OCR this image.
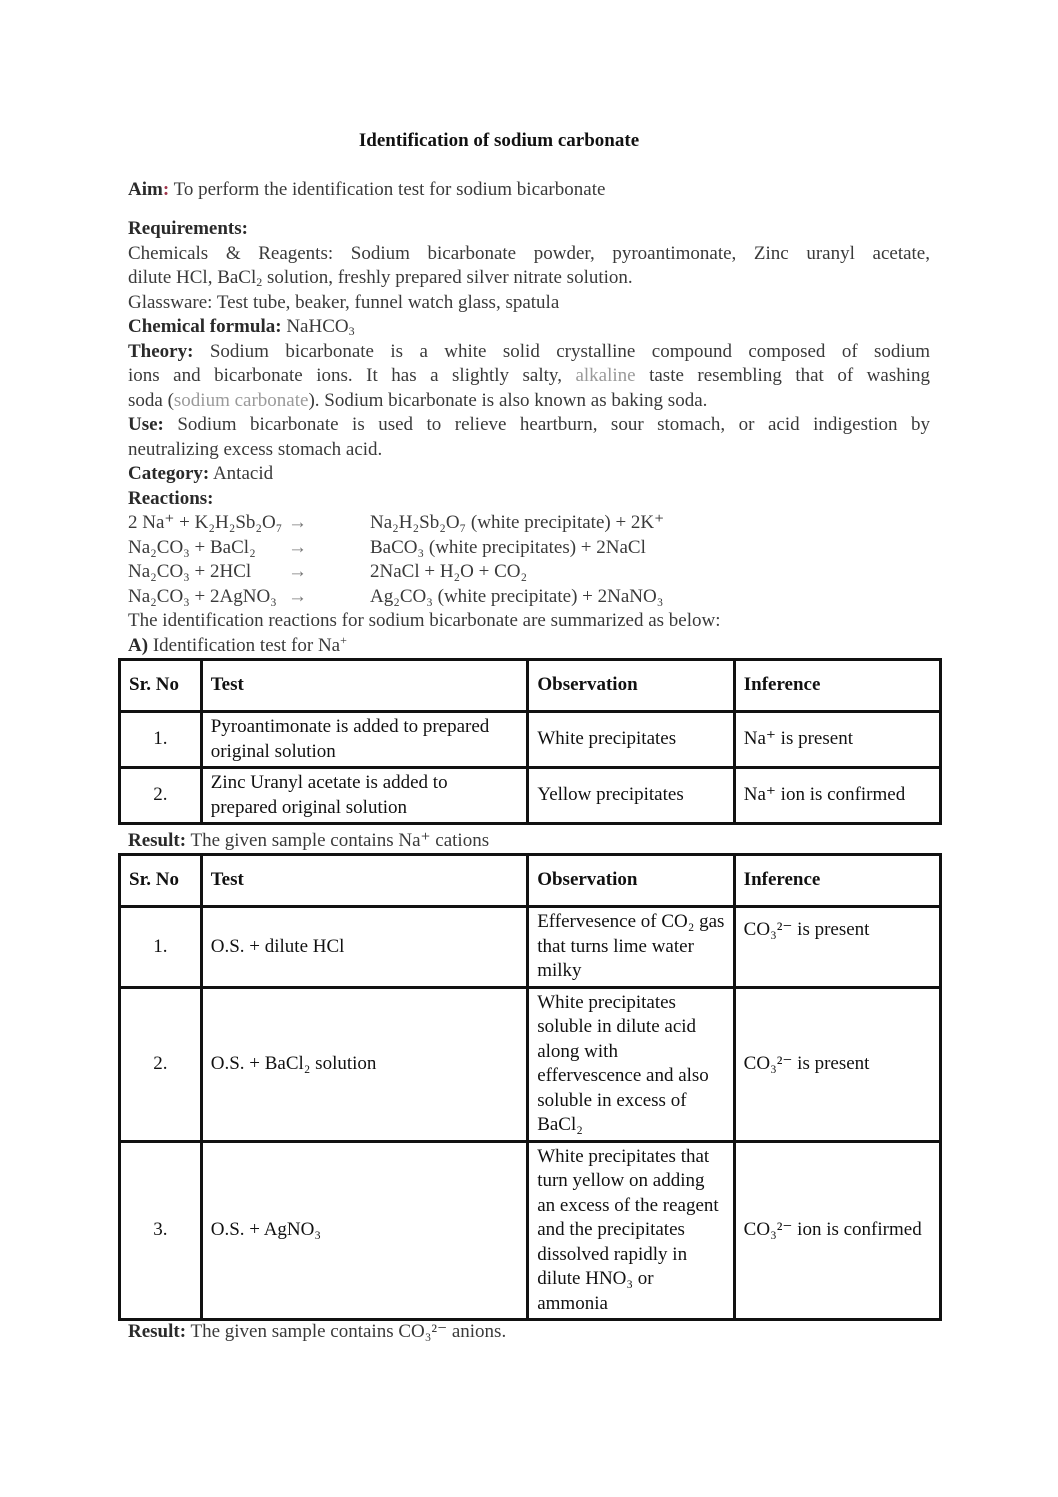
Identification of sodium carbonate
Aim: To perform the identification test for sodium bicarbonate
Requirements:
Chemicals & Reagents: Sodium bicarbonate powder, pyroantimonate, Zinc uranyl acetate,
dilute HCl, BaCl$_2$ solution, freshly prepared silver nitrate solution.
Glassware: Test tube, beaker, funnel watch glass, spatula
Chemical formula: NaHCO$_3$
Theory: Sodium bicarbonate is a white solid crystalline compound composed of sodium
ions and bicarbonate ions. It has a slightly salty, alkaline taste resembling that of washing
soda (sodium carbonate). Sodium bicarbonate is also known as baking soda.
Use: Sodium bicarbonate is used to relieve heartburn, sour stomach, or acid indigestion by
neutralizing excess stomach acid.
Category: Antacid
Reactions:
2 Na⁺ + K₂H₂Sb₂O₇ →	Na₂H₂Sb₂O₇ (white precipitate) + 2K⁺
Na₂CO₃ + BaCl₂	→	BaCO₃ (white precipitates) + 2NaCl
Na₂CO₃ + 2HCl	→	2NaCl + H₂O + CO₂
Na₂CO₃ + 2AgNO₃ →	Ag₂CO₃ (white precipitate) + 2NaNO₃
The identification reactions for sodium bicarbonate are summarized as below:
A) Identification test for Na+
Sr. No	Test	Observation	Inference
1.	Pyroantimonate is added to prepared original solution	White precipitates	Na⁺ is present
2.	Zinc Uranyl acetate is added to prepared original solution	Yellow precipitates	Na⁺ ion is confirmed
Result: The given sample contains Na⁺ cations
Sr. No	Test	Observation	Inference
1.	O.S. + dilute HCl	Effervesence of CO₂ gas that turns lime water milky	CO₃²⁻ is present
2.	O.S. + BaCl₂ solution	White precipitates soluble in dilute acid along with effervescence and also soluble in excess of BaCl₂	CO₃²⁻ is present
3.	O.S. + AgNO₃	White precipitates that turn yellow on adding an excess of the reagent and the precipitates dissolved rapidly in dilute HNO₃ or ammonia	CO₃²⁻ ion is confirmed
Result: The given sample contains CO₃²⁻ anions.
